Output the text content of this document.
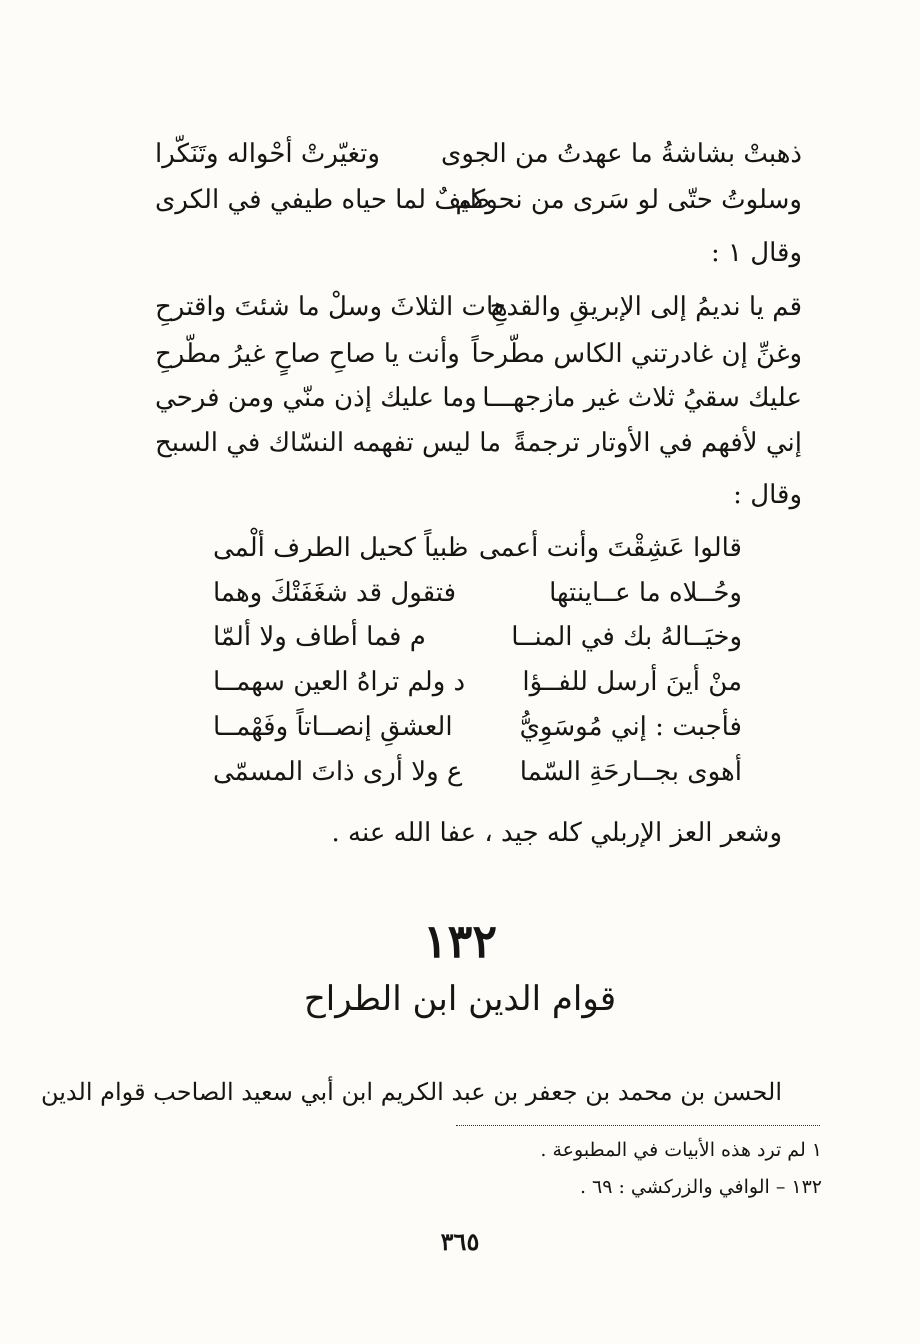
ذهبتْ بشاشةُ ما عهدتُ من الجوى
وتغيّرتْ أحْواله وتَنَكّرا
وسلوتُ حتّى لو سَرى من نحوكم
طيفٌ لما حياه طيفي في الكرى
وقال ١ :
قم يا نديمُ إلى الإبريقِ والقدحِ
هات الثلاثَ وسلْ ما شئتَ واقترحِ
وغنِّ إن غادرتني الكاس مطّرحاً
وأنت يا صاحِ صاحٍ غيرُ مطّرحِ
عليك سقيُ ثلاث غير مازجهـــا
وما عليك إذن منّي ومن فرحي
إني لأفهم في الأوتار ترجمةً
ما ليس تفهمه النسّاك في السبح
وقال :
قالوا عَشِقْتَ وأنت أعمى
ظبياً كحيل الطرف ألْمى
وحُــلاه ما عــاينتها
فتقول قد شغَفَتْكَ وهما
وخيَــالهُ بك في المنــا
م فما أطاف ولا ألمّا
منْ أينَ أرسل للفــؤا
د ولم تراهُ العين سهمــا
فأجبت : إني مُوسَوِيُّ
العشقِ إنصــاتاً وفَهْمــا
أهوى بجــارحَةِ السّما
ع ولا أرى ذاتَ المسمّى
وشعر العز الإربلي كله جيد ، عفا الله عنه .
١٣٢
قوام الدين ابن الطراح
الحسن بن محمد بن جعفر بن عبد الكريم ابن أبي سعيد الصاحب قوام الدين
١ لم ترد هذه الأبيات في المطبوعة .
١٣٢ – الوافي والزركشي : ٦٩ .
٣٦٥
